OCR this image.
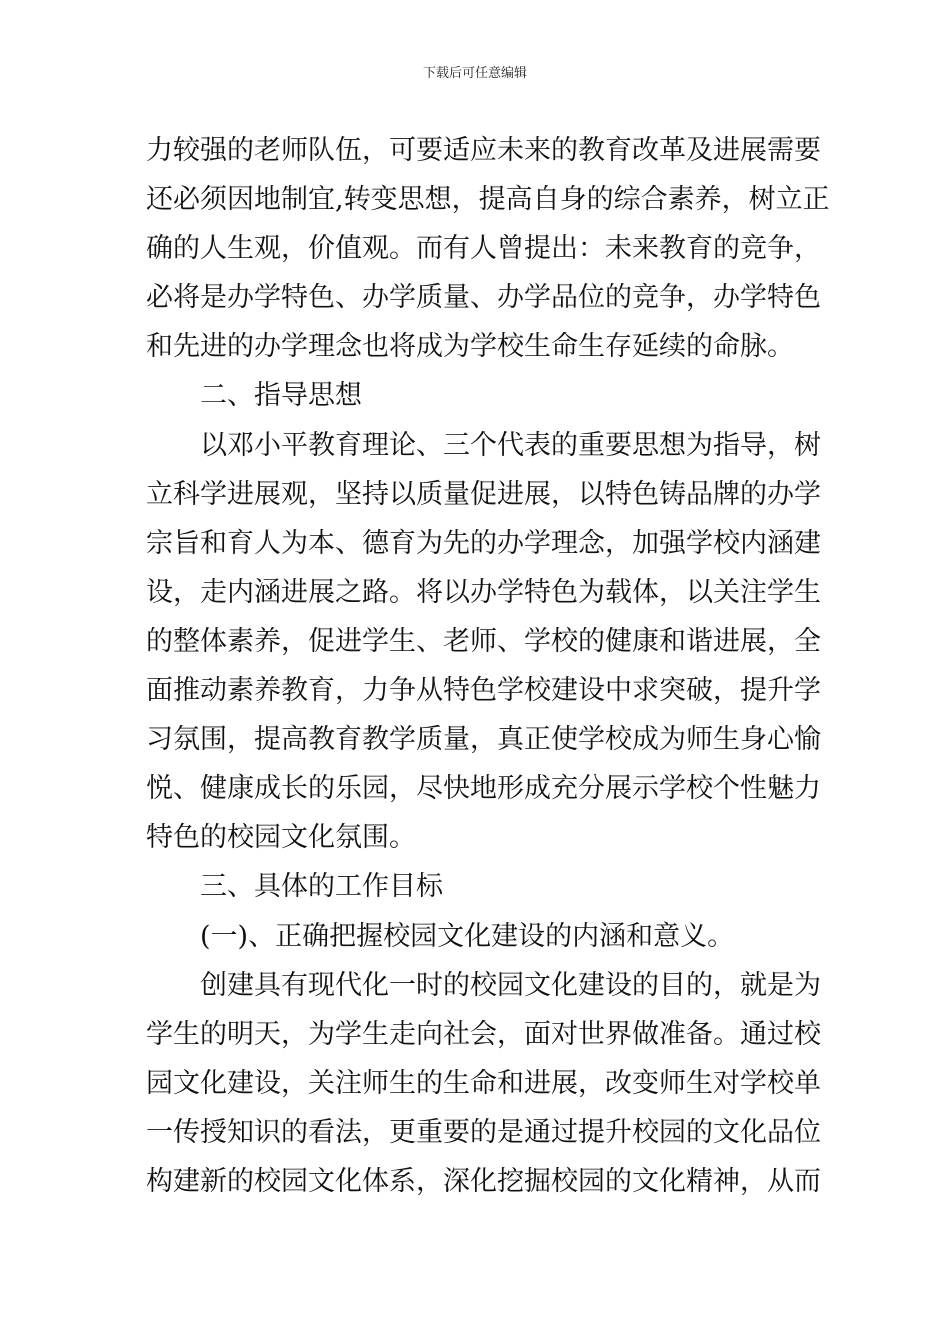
下载后可任意编辑
力较强的老师队伍，可要适应未来的教育改革及进展需要
还必须因地制宜,转变思想，提高自身的综合素养，树立正
确的人生观，价值观。而有人曾提出：未来教育的竞争，
必将是办学特色、办学质量、办学品位的竞争，办学特色
和先进的办学理念也将成为学校生命生存延续的命脉。
二、指导思想
以邓小平教育理论、三个代表的重要思想为指导，树
立科学进展观，坚持以质量促进展，以特色铸品牌的办学
宗旨和育人为本、德育为先的办学理念，加强学校内涵建
设，走内涵进展之路。将以办学特色为载体，以关注学生
的整体素养，促进学生、老师、学校的健康和谐进展，全
面推动素养教育，力争从特色学校建设中求突破，提升学
习氛围，提高教育教学质量，真正使学校成为师生身心愉
悦、健康成长的乐园，尽快地形成充分展示学校个性魅力
特色的校园文化氛围。
三、具体的工作目标
(一)、正确把握校园文化建设的内涵和意义。
创建具有现代化一时的校园文化建设的目的，就是为
学生的明天，为学生走向社会，面对世界做准备。通过校
园文化建设，关注师生的生命和进展，改变师生对学校单
一传授知识的看法，更重要的是通过提升校园的文化品位
构建新的校园文化体系，深化挖掘校园的文化精神，从而
